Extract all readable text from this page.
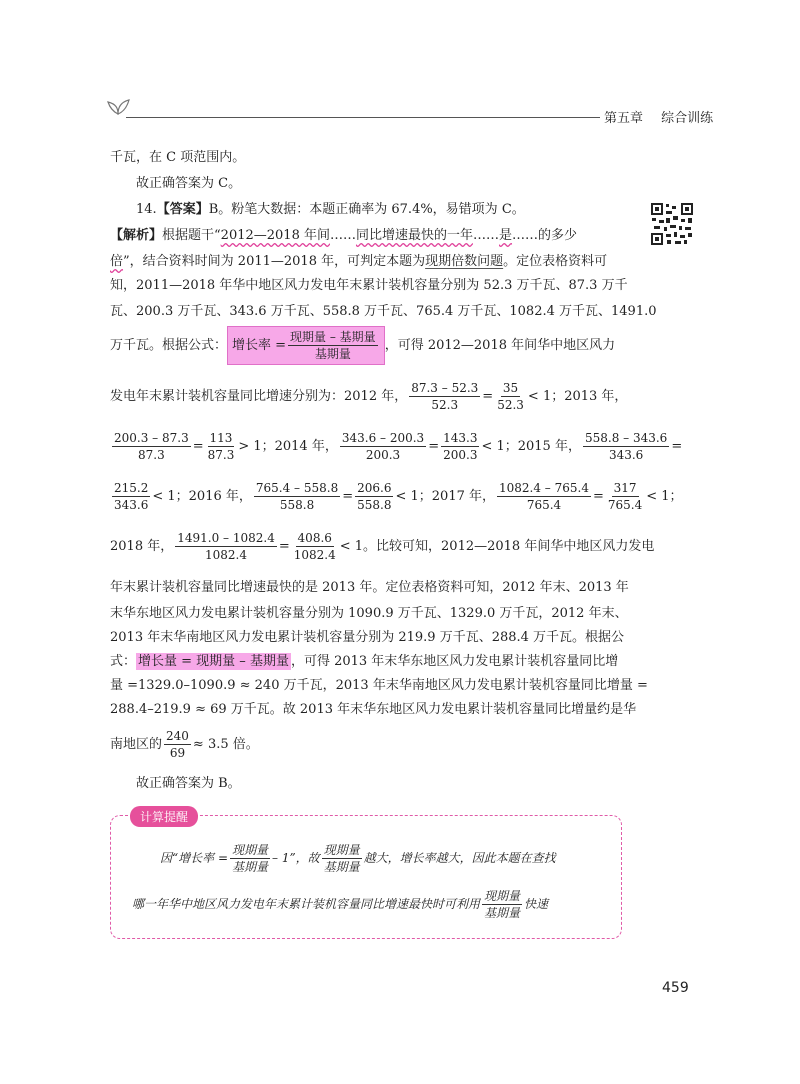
第五章 综合训练
千瓦，在 C 项范围内。
故正确答案为 C。
14.【答案】B。粉笔大数据：本题正确率为 67.4%，易错项为 C。
【解析】根据题干“2012—2018 年间……同比增速最快的一年……是……的多少
倍”，结合资料时间为 2011—2018 年，可判定本题为现期倍数问题。定位表格资料可
知，2011—2018 年华中地区风力发电年末累计装机容量分别为 52.3 万千瓦、87.3 万千
瓦、200.3 万千瓦、343.6 万千瓦、558.8 万千瓦、765.4 万千瓦、1082.4 万千瓦、1491.0
万千瓦。根据公式： 增长率 = $\frac{\text{现期量 – 基期量}}{\text{基期量}}$ ，可得 2012—2018 年间华中地区风力
发电年末累计装机容量同比增速分别为：2012 年， $\frac{87.3 - 52.3}{52.3} = \frac{35}{52.3} < 1$；2013 年，
$\frac{200.3 - 87.3}{87.3} = \frac{113}{87.3} > 1$；2014 年， $\frac{343.6 - 200.3}{200.3} = \frac{143.3}{200.3} < 1$；2015 年， $\frac{558.8 - 343.6}{343.6}$ =
$\frac{215.2}{343.6} < 1$；2016 年， $\frac{765.4 - 558.8}{558.8} = \frac{206.6}{558.8} < 1$；2017 年， $\frac{1082.4 - 765.4}{765.4} = \frac{317}{765.4} < 1$；
2018 年， $\frac{1491.0 - 1082.4}{1082.4} = \frac{408.6}{1082.4} < 1$。比较可知，2012—2018 年间华中地区风力发电
年末累计装机容量同比增速最快的是 2013 年。定位表格资料可知，2012 年末、2013 年
末华东地区风力发电累计装机容量分别为 1090.9 万千瓦、1329.0 万千瓦，2012 年末、
2013 年末华南地区风力发电累计装机容量分别为 219.9 万千瓦、288.4 万千瓦。根据公
式： 增长量 = 现期量 – 基期量 ，可得 2013 年末华东地区风力发电累计装机容量同比增
量 =1329.0–1090.9 ≈ 240 万千瓦，2013 年末华南地区风力发电累计装机容量同比增量 =
288.4–219.9 ≈ 69 万千瓦。故 2013 年末华东地区风力发电累计装机容量同比增量约是华
南地区的 $\frac{240}{69} \approx 3.5$ 倍。
故正确答案为 B。
计算提醒
因“增长率 = $\frac{\text{现期量}}{\text{基期量}} - 1$”，故 $\frac{\text{现期量}}{\text{基期量}}$ 越大，增长率越大，因此本题在查找
哪一年华中地区风力发电年末累计装机容量同比增速最快时可利用 $\frac{\text{现期量}}{\text{基期量}}$ 快速
459
